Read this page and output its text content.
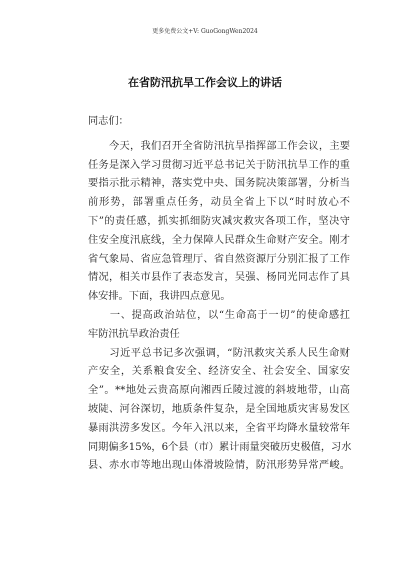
更多免费公文+V: GuoGongWen2024
在省防汛抗旱工作会议上的讲话
同志们：
　　今天，我们召开全省防汛抗旱指挥部工作会议，主要
任务是深入学习贯彻习近平总书记关于防汛抗旱工作的重
要指示批示精神，落实党中央、国务院决策部署，分析当
前形势，部署重点任务，动员全省上下以“时时放心不
下”的责任感，抓实抓细防灾减灾救灾各项工作，坚决守
住安全度汛底线，全力保障人民群众生命财产安全。刚才
省气象局、省应急管理厅、省自然资源厅分别汇报了工作
情况，相关市县作了表态发言，吴强、杨同光同志作了具
体安排。下面，我讲四点意见。
　　一、提高政治站位，以“生命高于一切”的使命感扛
牢防汛抗旱政治责任
　　习近平总书记多次强调，“防汛救灾关系人民生命财
产安全，关系粮食安全、经济安全、社会安全、国家安
全”。**地处云贵高原向湘西丘陵过渡的斜坡地带，山高
坡陡、河谷深切，地质条件复杂，是全国地质灾害易发区
暴雨洪涝多发区。今年入汛以来，全省平均降水量较常年
同期偏多15%，6个县（市）累计雨量突破历史极值，习水
县、赤水市等地出现山体滑坡险情，防汛形势异常严峻。
